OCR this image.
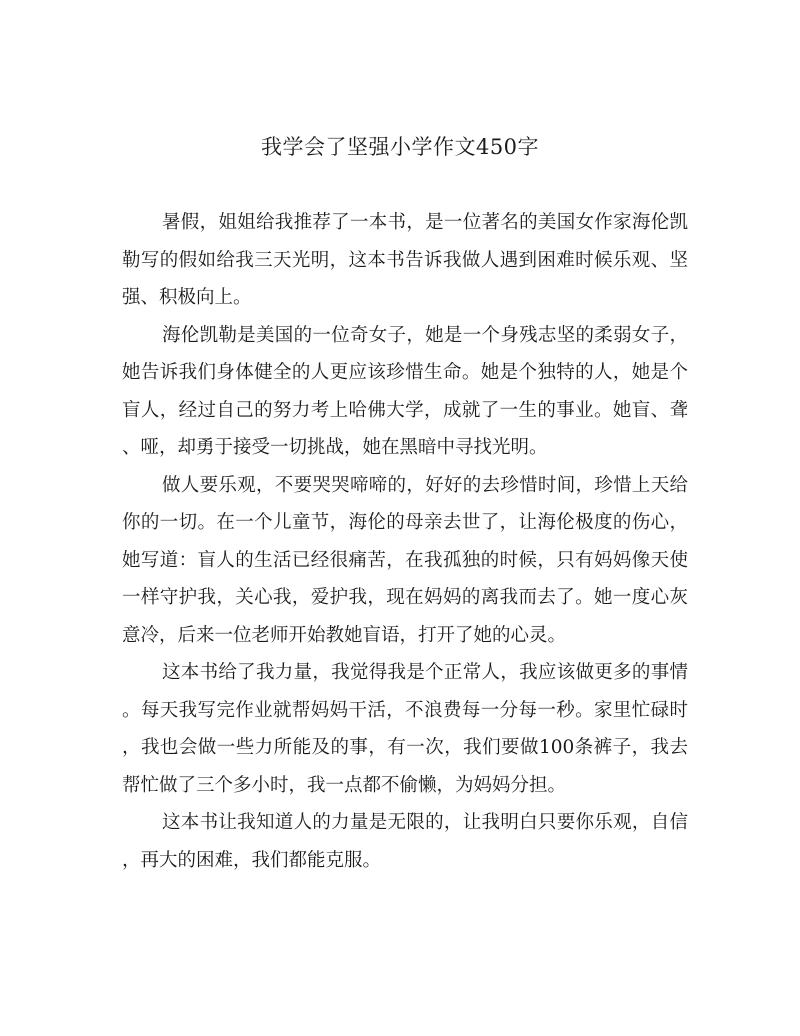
我学会了坚强小学作文450字
暑假，姐姐给我推荐了一本书，是一位著名的美国女作家海伦凯
勒写的假如给我三天光明，这本书告诉我做人遇到困难时候乐观、坚
强、积极向上。
海伦凯勒是美国的一位奇女子，她是一个身残志坚的柔弱女子，
她告诉我们身体健全的人更应该珍惜生命。她是个独特的人，她是个
盲人，经过自己的努力考上哈佛大学，成就了一生的事业。她盲、聋
、哑，却勇于接受一切挑战，她在黑暗中寻找光明。
做人要乐观，不要哭哭啼啼的，好好的去珍惜时间，珍惜上天给
你的一切。在一个儿童节，海伦的母亲去世了，让海伦极度的伤心，
她写道：盲人的生活已经很痛苦，在我孤独的时候，只有妈妈像天使
一样守护我，关心我，爱护我，现在妈妈的离我而去了。她一度心灰
意冷，后来一位老师开始教她盲语，打开了她的心灵。
这本书给了我力量，我觉得我是个正常人，我应该做更多的事情
。每天我写完作业就帮妈妈干活，不浪费每一分每一秒。家里忙碌时
，我也会做一些力所能及的事，有一次，我们要做100条裤子，我去
帮忙做了三个多小时，我一点都不偷懒，为妈妈分担。
这本书让我知道人的力量是无限的，让我明白只要你乐观，自信
，再大的困难，我们都能克服。
